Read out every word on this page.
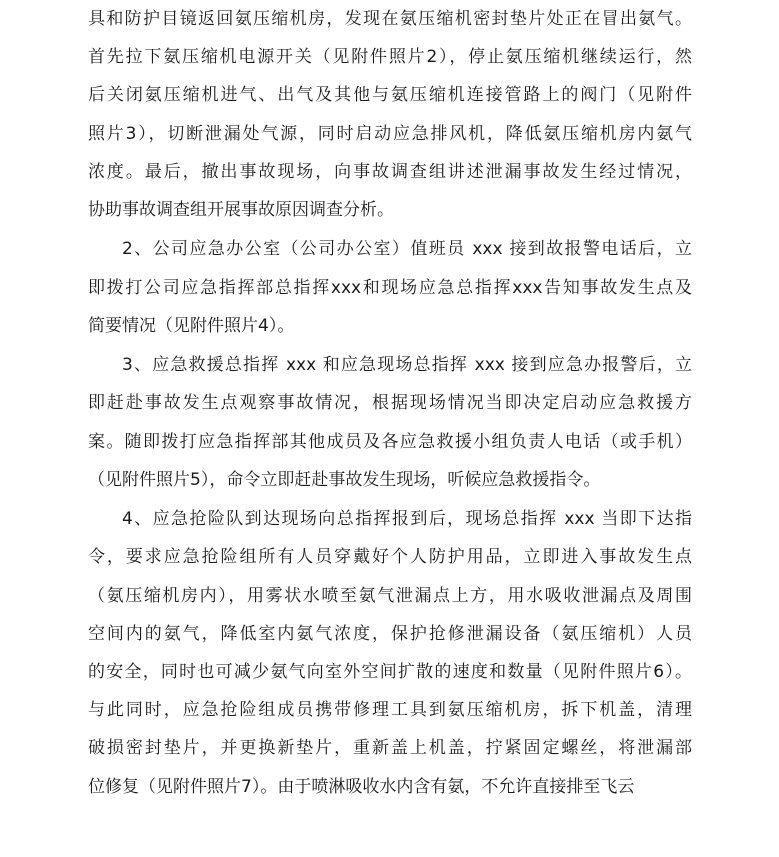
具和防护目镜返回氨压缩机房，发现在氨压缩机密封垫片处正在冒出氨气。
首先拉下氨压缩机电源开关（见附件照片2），停止氨压缩机继续运行，然
后关闭氨压缩机进气、出气及其他与氨压缩机连接管路上的阀门（见附件
照片3），切断泄漏处气源，同时启动应急排风机，降低氨压缩机房内氨气
浓度。最后，撤出事故现场，向事故调查组讲述泄漏事故发生经过情况，
协助事故调查组开展事故原因调查分析。
2、公司应急办公室（公司办公室）值班员 xxx 接到故报警电话后，立
即拨打公司应急指挥部总指挥xxx和现场应急总指挥xxx告知事故发生点及
简要情况（见附件照片4）。
3、应急救援总指挥 xxx 和应急现场总指挥 xxx 接到应急办报警后，立
即赶赴事故发生点观察事故情况，根据现场情况当即决定启动应急救援方
案。随即拨打应急指挥部其他成员及各应急救援小组负责人电话（或手机）
（见附件照片5），命令立即赶赴事故发生现场，听候应急救援指令。
4、应急抢险队到达现场向总指挥报到后，现场总指挥 xxx 当即下达指
令，要求应急抢险组所有人员穿戴好个人防护用品，立即进入事故发生点
（氨压缩机房内），用雾状水喷至氨气泄漏点上方，用水吸收泄漏点及周围
空间内的氨气，降低室内氨气浓度，保护抢修泄漏设备（氨压缩机）人员
的安全，同时也可减少氨气向室外空间扩散的速度和数量（见附件照片6）。
与此同时，应急抢险组成员携带修理工具到氨压缩机房，拆下机盖，清理
破损密封垫片，并更换新垫片，重新盖上机盖，拧紧固定螺丝，将泄漏部
位修复（见附件照片7）。由于喷淋吸收水内含有氨，不允许直接排至飞云
